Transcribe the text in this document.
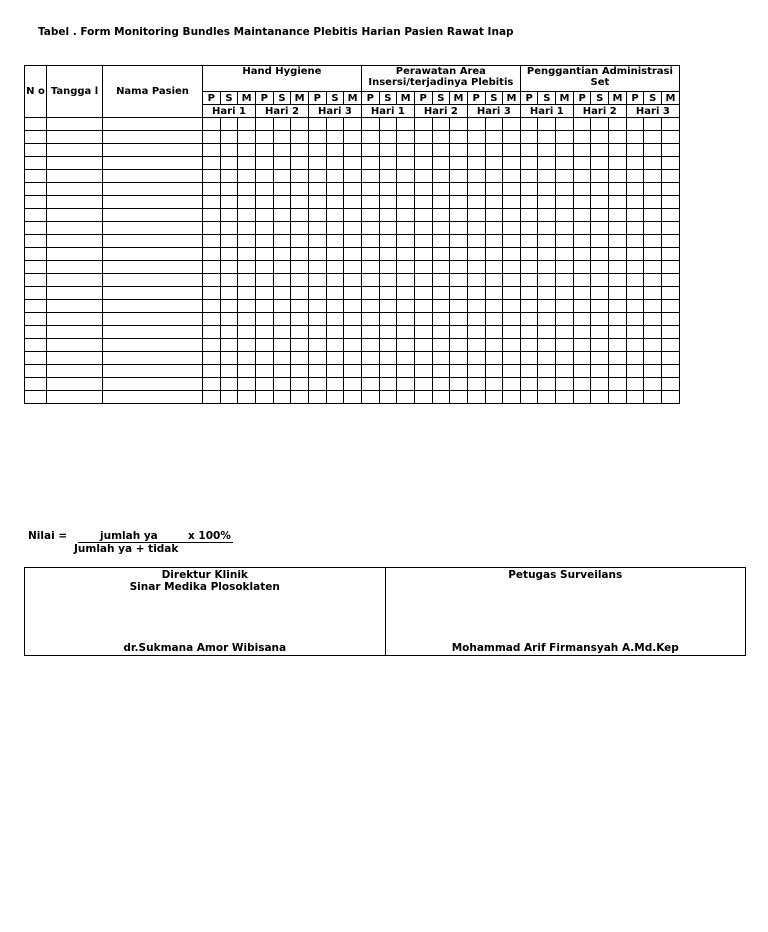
Tabel . Form Monitoring Bundles Maintanance Plebitis Harian Pasien Rawat Inap
N o	Tangga l	Nama Pasien	Hand Hygiene									Perawatan Area Insersi/terjadinya Plebitis									Penggantian Administrasi Set								
			P	S	M	P	S	M	P	S	M	P	S	M	P	S	M	P	S	M	P	S	M	P	S	M	P	S	M
			Hari 1			Hari 2			Hari 3			Hari 1			Hari 2			Hari 3			Hari 1			Hari 2			Hari 3		

Nilai =
	jumlah ya	x 100%
Jumlah ya + tidak
Direktur Klinik
Sinar Medika Plosoklaten
dr.Sukmana Amor Wibisana

Petugas Surveilans
Mohammad Arif Firmansyah A.Md.Kep
